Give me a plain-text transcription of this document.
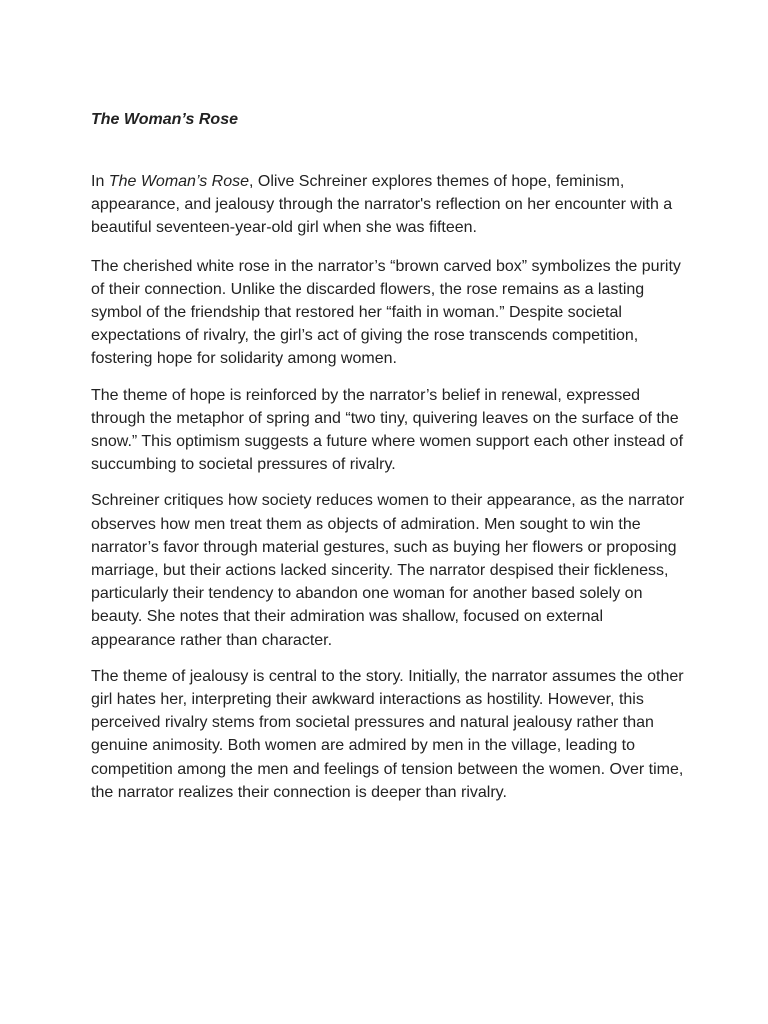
The Woman’s Rose

In The Woman’s Rose, Olive Schreiner explores themes of hope, feminism, appearance, and jealousy through the narrator's reflection on her encounter with a beautiful seventeen-year-old girl when she was fifteen.

The cherished white rose in the narrator’s “brown carved box” symbolizes the purity of their connection. Unlike the discarded flowers, the rose remains as a lasting symbol of the friendship that restored her “faith in woman.” Despite societal expectations of rivalry, the girl’s act of giving the rose transcends competition, fostering hope for solidarity among women.

The theme of hope is reinforced by the narrator’s belief in renewal, expressed through the metaphor of spring and “two tiny, quivering leaves on the surface of the snow.” This optimism suggests a future where women support each other instead of succumbing to societal pressures of rivalry.

Schreiner critiques how society reduces women to their appearance, as the narrator observes how men treat them as objects of admiration. Men sought to win the narrator’s favor through material gestures, such as buying her flowers or proposing marriage, but their actions lacked sincerity. The narrator despised their fickleness, particularly their tendency to abandon one woman for another based solely on beauty. She notes that their admiration was shallow, focused on external appearance rather than character.

The theme of jealousy is central to the story. Initially, the narrator assumes the other girl hates her, interpreting their awkward interactions as hostility. However, this perceived rivalry stems from societal pressures and natural jealousy rather than genuine animosity. Both women are admired by men in the village, leading to competition among the men and feelings of tension between the women. Over time, the narrator realizes their connection is deeper than rivalry.
